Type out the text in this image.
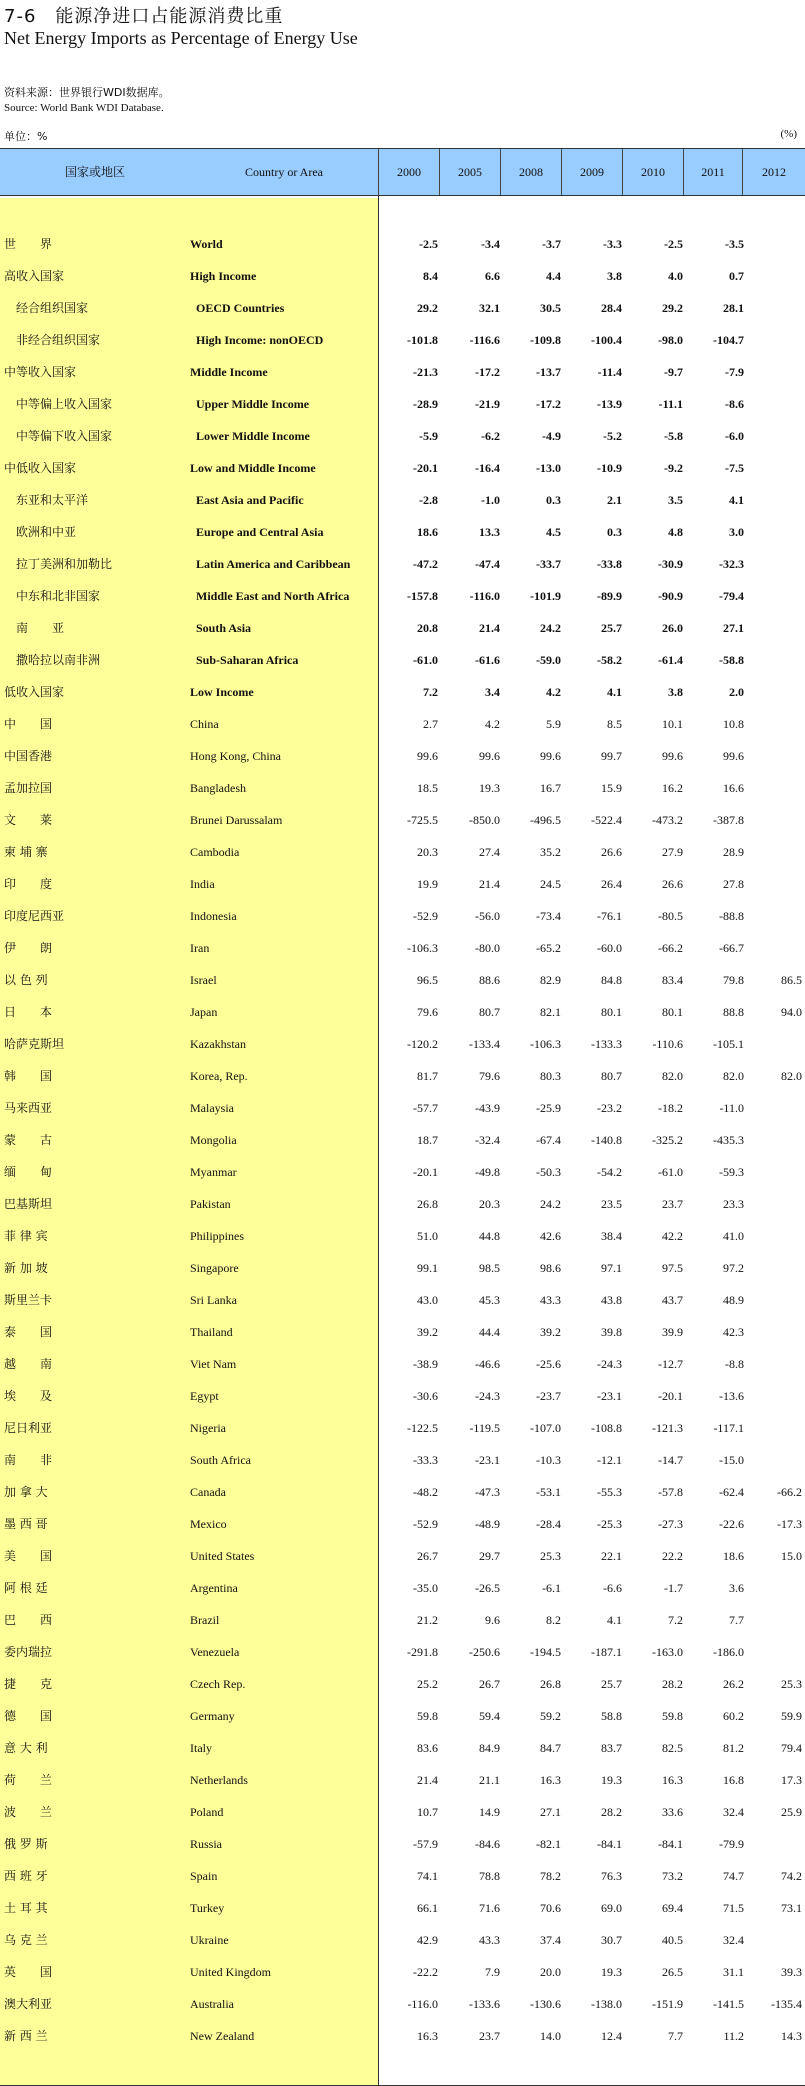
7-6　能源净进口占能源消费比重
Net Energy Imports as Percentage of Energy Use
资料来源：世界银行WDI数据库。
Source: World Bank WDI Database.
单位：%	(%)
国家或地区	Country or Area	2000	2005	2008	2009	2010	2011	2012
世　　界	World	-2.5	-3.4	-3.7	-3.3	-2.5	-3.5
高收入国家	High Income	8.4	6.6	4.4	3.8	4.0	0.7
经合组织国家	OECD Countries	29.2	32.1	30.5	28.4	29.2	28.1
非经合组织国家	High Income: nonOECD	-101.8	-116.6	-109.8	-100.4	-98.0	-104.7
中等收入国家	Middle Income	-21.3	-17.2	-13.7	-11.4	-9.7	-7.9
中等偏上收入国家	Upper Middle Income	-28.9	-21.9	-17.2	-13.9	-11.1	-8.6
中等偏下收入国家	Lower Middle Income	-5.9	-6.2	-4.9	-5.2	-5.8	-6.0
中低收入国家	Low and Middle Income	-20.1	-16.4	-13.0	-10.9	-9.2	-7.5
东亚和太平洋	East Asia and Pacific	-2.8	-1.0	0.3	2.1	3.5	4.1
欧洲和中亚	Europe and Central Asia	18.6	13.3	4.5	0.3	4.8	3.0
拉丁美洲和加勒比	Latin America and Caribbean	-47.2	-47.4	-33.7	-33.8	-30.9	-32.3
中东和北非国家	Middle East and North Africa	-157.8	-116.0	-101.9	-89.9	-90.9	-79.4
南　　亚	South Asia	20.8	21.4	24.2	25.7	26.0	27.1
撒哈拉以南非洲	Sub-Saharan Africa	-61.0	-61.6	-59.0	-58.2	-61.4	-58.8
低收入国家	Low Income	7.2	3.4	4.2	4.1	3.8	2.0
中　　国	China	2.7	4.2	5.9	8.5	10.1	10.8
中国香港	Hong Kong, China	99.6	99.6	99.6	99.7	99.6	99.6
孟加拉国	Bangladesh	18.5	19.3	16.7	15.9	16.2	16.6
文　　莱	Brunei Darussalam	-725.5	-850.0	-496.5	-522.4	-473.2	-387.8
柬 埔 寨	Cambodia	20.3	27.4	35.2	26.6	27.9	28.9
印　　度	India	19.9	21.4	24.5	26.4	26.6	27.8
印度尼西亚	Indonesia	-52.9	-56.0	-73.4	-76.1	-80.5	-88.8
伊　　朗	Iran	-106.3	-80.0	-65.2	-60.0	-66.2	-66.7
以 色 列	Israel	96.5	88.6	82.9	84.8	83.4	79.8	86.5
日　　本	Japan	79.6	80.7	82.1	80.1	80.1	88.8	94.0
哈萨克斯坦	Kazakhstan	-120.2	-133.4	-106.3	-133.3	-110.6	-105.1
韩　　国	Korea, Rep.	81.7	79.6	80.3	80.7	82.0	82.0	82.0
马来西亚	Malaysia	-57.7	-43.9	-25.9	-23.2	-18.2	-11.0
蒙　　古	Mongolia	18.7	-32.4	-67.4	-140.8	-325.2	-435.3
缅　　甸	Myanmar	-20.1	-49.8	-50.3	-54.2	-61.0	-59.3
巴基斯坦	Pakistan	26.8	20.3	24.2	23.5	23.7	23.3
菲 律 宾	Philippines	51.0	44.8	42.6	38.4	42.2	41.0
新 加 坡	Singapore	99.1	98.5	98.6	97.1	97.5	97.2
斯里兰卡	Sri Lanka	43.0	45.3	43.3	43.8	43.7	48.9
泰　　国	Thailand	39.2	44.4	39.2	39.8	39.9	42.3
越　　南	Viet Nam	-38.9	-46.6	-25.6	-24.3	-12.7	-8.8
埃　　及	Egypt	-30.6	-24.3	-23.7	-23.1	-20.1	-13.6
尼日利亚	Nigeria	-122.5	-119.5	-107.0	-108.8	-121.3	-117.1
南　　非	South Africa	-33.3	-23.1	-10.3	-12.1	-14.7	-15.0
加 拿 大	Canada	-48.2	-47.3	-53.1	-55.3	-57.8	-62.4	-66.2
墨 西 哥	Mexico	-52.9	-48.9	-28.4	-25.3	-27.3	-22.6	-17.3
美　　国	United States	26.7	29.7	25.3	22.1	22.2	18.6	15.0
阿 根 廷	Argentina	-35.0	-26.5	-6.1	-6.6	-1.7	3.6
巴　　西	Brazil	21.2	9.6	8.2	4.1	7.2	7.7
委内瑞拉	Venezuela	-291.8	-250.6	-194.5	-187.1	-163.0	-186.0
捷　　克	Czech Rep.	25.2	26.7	26.8	25.7	28.2	26.2	25.3
德　　国	Germany	59.8	59.4	59.2	58.8	59.8	60.2	59.9
意 大 利	Italy	83.6	84.9	84.7	83.7	82.5	81.2	79.4
荷　　兰	Netherlands	21.4	21.1	16.3	19.3	16.3	16.8	17.3
波　　兰	Poland	10.7	14.9	27.1	28.2	33.6	32.4	25.9
俄 罗 斯	Russia	-57.9	-84.6	-82.1	-84.1	-84.1	-79.9
西 班 牙	Spain	74.1	78.8	78.2	76.3	73.2	74.7	74.2
土 耳 其	Turkey	66.1	71.6	70.6	69.0	69.4	71.5	73.1
乌 克 兰	Ukraine	42.9	43.3	37.4	30.7	40.5	32.4
英　　国	United Kingdom	-22.2	7.9	20.0	19.3	26.5	31.1	39.3
澳大利亚	Australia	-116.0	-133.6	-130.6	-138.0	-151.9	-141.5	-135.4
新 西 兰	New Zealand	16.3	23.7	14.0	12.4	7.7	11.2	14.3
